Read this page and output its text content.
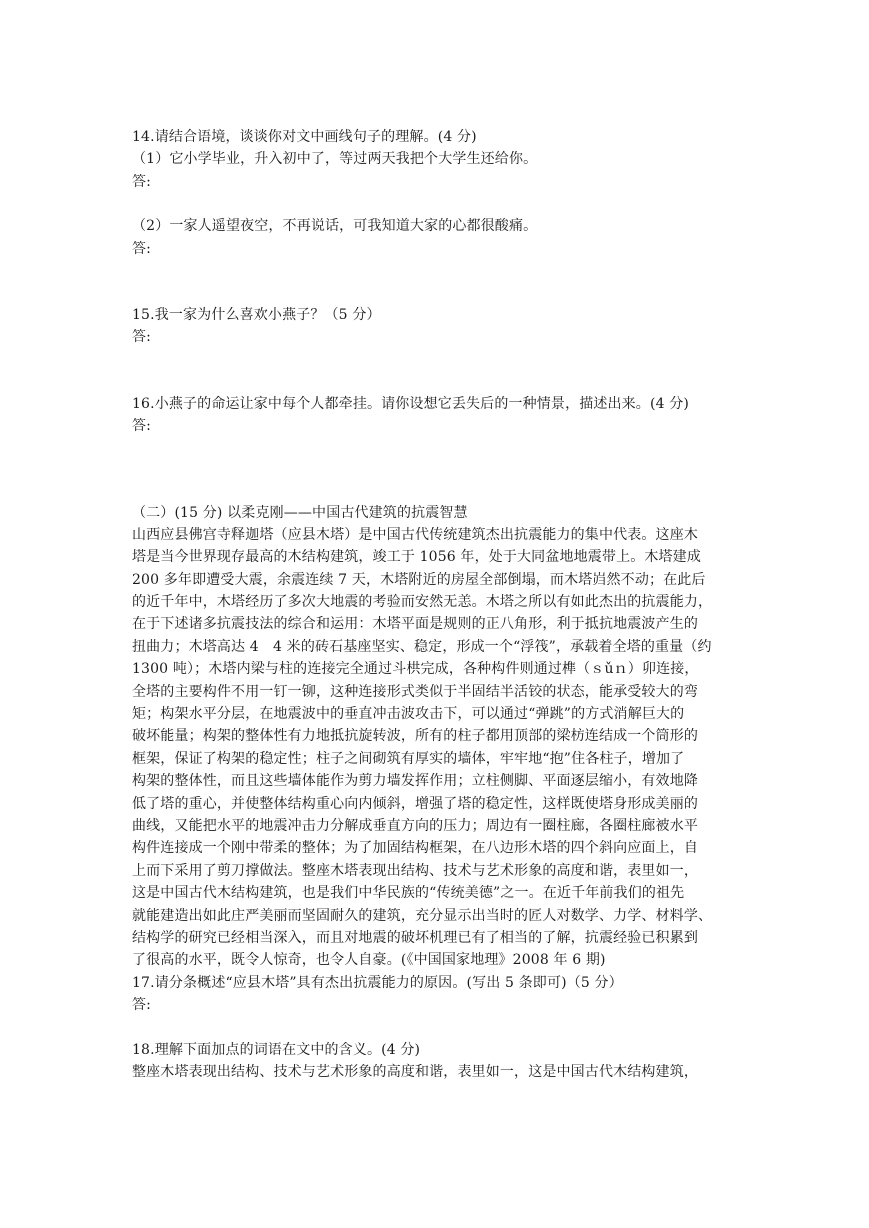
14.请结合语境，谈谈你对文中画线句子的理解。(4 分)
（1）它小学毕业，升入初中了，等过两天我把个大学生还给你。
答:
（2）一家人遥望夜空，不再说话，可我知道大家的心都很酸痛。
答:
15.我一家为什么喜欢小燕子？（5 分）
答:
16.小燕子的命运让家中每个人都牵挂。请你设想它丢失后的一种情景，描述出来。(4 分)
答:
（二）(15 分) 以柔克刚——中国古代建筑的抗震智慧
山西应县佛宫寺释迦塔（应县木塔）是中国古代传统建筑杰出抗震能力的集中代表。这座木
塔是当今世界现存最高的木结构建筑，竣工于 1056 年，处于大同盆地地震带上。木塔建成
200 多年即遭受大震，余震连续 7 天，木塔附近的房屋全部倒塌，而木塔岿然不动；在此后
的近千年中，木塔经历了多次大地震的考验而安然无恙。木塔之所以有如此杰出的抗震能力，
在于下述诸多抗震技法的综合和运用：木塔平面是规则的正八角形，利于抵抗地震波产生的
扭曲力；木塔高达 4　4 米的砖石基座坚实、稳定，形成一个“浮筏”，承载着全塔的重量（约
1300 吨）；木塔内梁与柱的连接完全通过斗栱完成，各种构件则通过榫（ｓǔｎ）卯连接，
全塔的主要构件不用一钉一铆，这种连接形式类似于半固结半活铰的状态，能承受较大的弯
矩；构架水平分层，在地震波中的垂直冲击波攻击下，可以通过“弹跳”的方式消解巨大的
破坏能量；构架的整体性有力地抵抗旋转波，所有的柱子都用顶部的梁枋连结成一个筒形的
框架，保证了构架的稳定性；柱子之间砌筑有厚实的墙体，牢牢地“抱”住各柱子，增加了
构架的整体性，而且这些墙体能作为剪力墙发挥作用；立柱侧脚、平面逐层缩小，有效地降
低了塔的重心，并使整体结构重心向内倾斜，增强了塔的稳定性，这样既使塔身形成美丽的
曲线，又能把水平的地震冲击力分解成垂直方向的压力；周边有一圈柱廊，各圈柱廊被水平
构件连接成一个刚中带柔的整体；为了加固结构框架，在八边形木塔的四个斜向应面上，自
上而下采用了剪刀撑做法。整座木塔表现出结构、技术与艺术形象的高度和谐，表里如一，
这是中国古代木结构建筑，也是我们中华民族的“传统美德”之一。在近千年前我们的祖先
就能建造出如此庄严美丽而坚固耐久的建筑，充分显示出当时的匠人对数学、力学、材料学、
结构学的研究已经相当深入，而且对地震的破坏机理已有了相当的了解，抗震经验已积累到
了很高的水平，既令人惊奇，也令人自豪。(《中国国家地理》2008 年 6 期)
17.请分条概述“应县木塔”具有杰出抗震能力的原因。(写出 5 条即可)（5 分）
答:
18.理解下面加点的词语在文中的含义。(4 分)
整座木塔表现出结构、技术与艺术形象的高度和谐，表里如一，这是中国古代木结构建筑，
